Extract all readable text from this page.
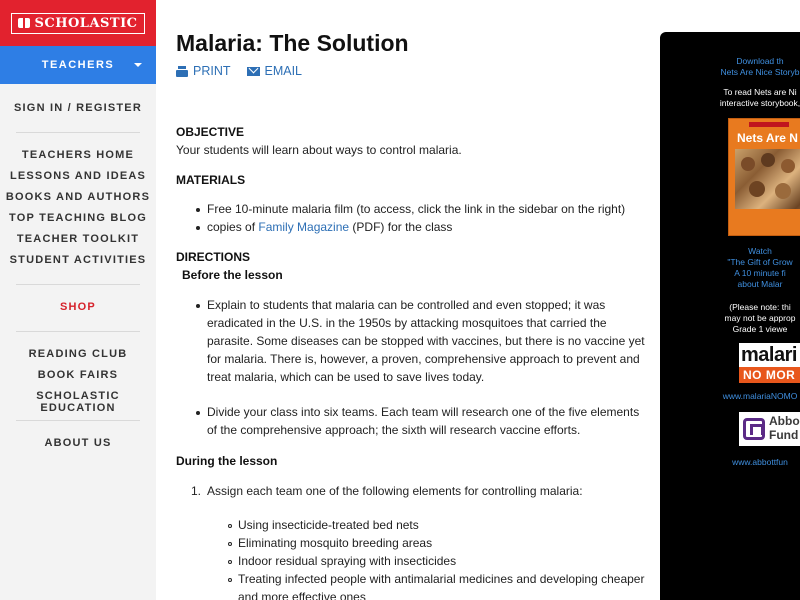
SCHOLASTIC
TEACHERS
SIGN IN / REGISTER
TEACHERS HOME
LESSONS AND IDEAS
BOOKS AND AUTHORS
TOP TEACHING BLOG
TEACHER TOOLKIT
STUDENT ACTIVITIES
SHOP
READING CLUB
BOOK FAIRS
SCHOLASTIC EDUCATION
ABOUT US
Malaria: The Solution
PRINT	EMAIL
OBJECTIVE
Your students will learn about ways to control malaria.
MATERIALS
Free 10-minute malaria film (to access, click the link in the sidebar on the right)
copies of Family Magazine (PDF) for the class
DIRECTIONS
Before the lesson
Explain to students that malaria can be controlled and even stopped; it was
eradicated in the U.S. in the 1950s by attacking mosquitoes that carried the
parasite. Some diseases can be stopped with vaccines, but there is no vaccine yet
for malaria. There is, however, a proven, comprehensive approach to prevent and
treat malaria, which can be used to save lives today.
Divide your class into six teams. Each team will research one of the five elements
of the comprehensive approach; the sixth will research vaccine efforts.
During the lesson
1. Assign each team one of the following elements for controlling malaria:
Using insecticide-treated bed nets
Eliminating mosquito breeding areas
Indoor residual spraying with insecticides
Treating infected people with antimalarial medicines and developing cheaper
and more effective ones
Download th
Nets Are Nice Storyb
To read Nets are Ni
interactive storybook,
Nets Are N
Watch
"The Gift of Grow
A 10 minute fi
about Malar
(Please note: thi
may not be approp
Grade 1 viewe
malari
NO MOR
www.malariaNOMO
Abbo
Fund
www.abbottfun
